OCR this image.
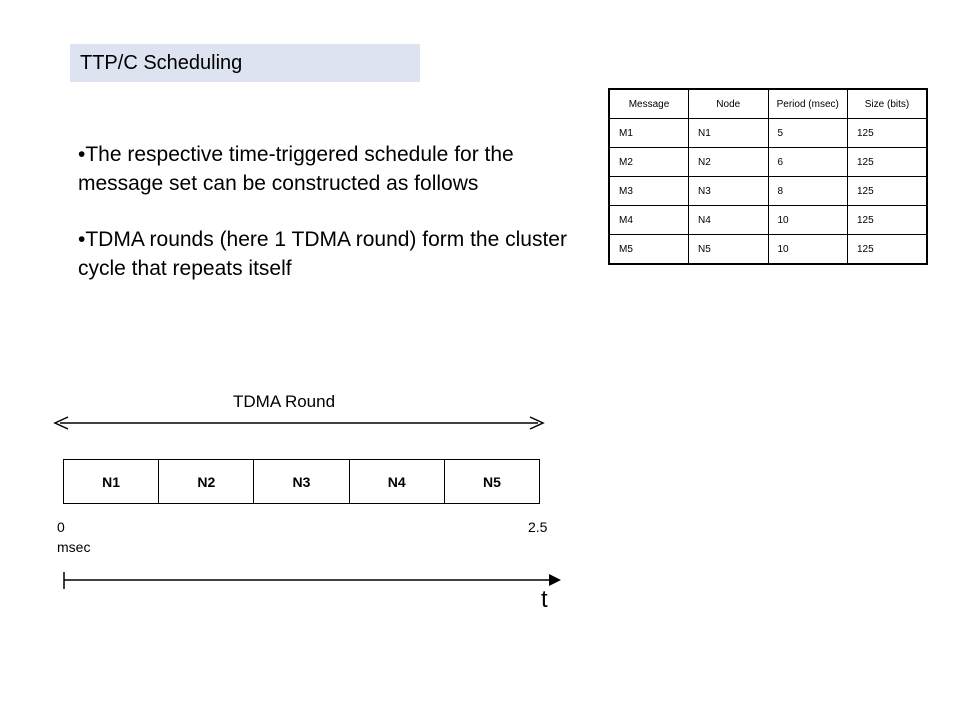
TTP/C Scheduling

•The respective time-triggered schedule for the message set can be constructed as follows

•TDMA rounds (here 1 TDMA round) form the cluster cycle that repeats itself

Message	Node	Period (msec)	Size (bits)
M1	N1	5	125
M2	N2	6	125
M3	N3	8	125
M4	N4	10	125
M5	N5	10	125
TDMA Round
N1	N2	N3	N4	N5
0	2.5
msec
t
